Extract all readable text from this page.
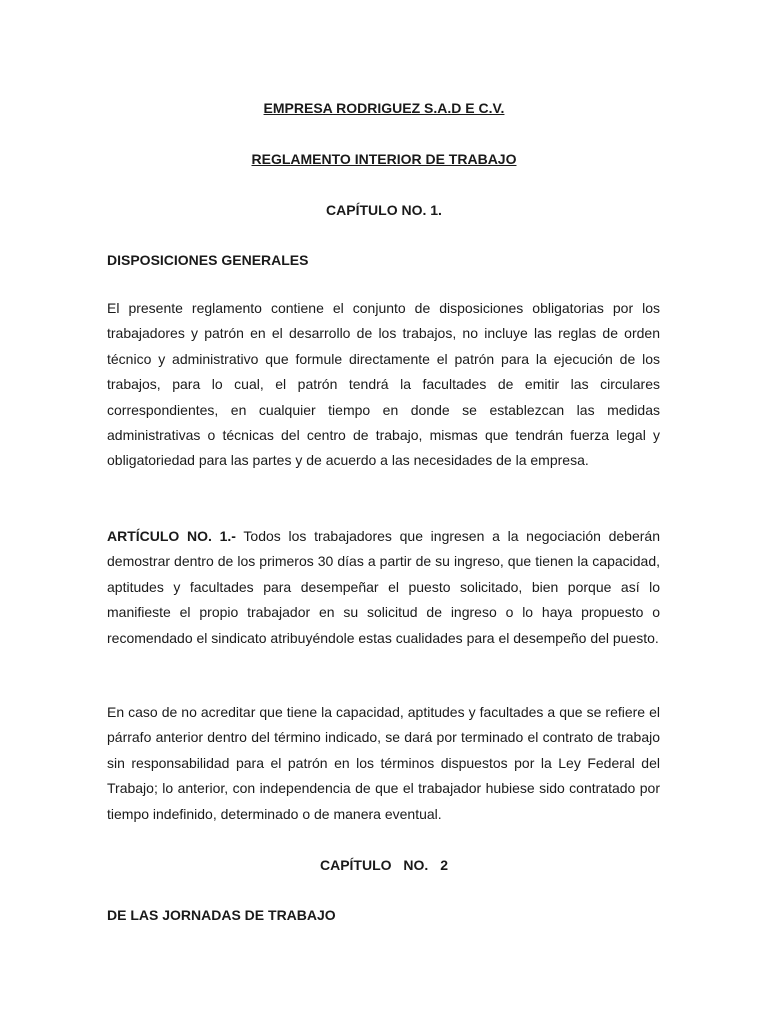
EMPRESA RODRIGUEZ S.A.D E C.V.
REGLAMENTO INTERIOR DE TRABAJO
CAPÍTULO NO. 1.
DISPOSICIONES GENERALES
El presente reglamento contiene el conjunto de disposiciones obligatorias por los trabajadores y patrón en el desarrollo de los trabajos, no incluye las reglas de orden técnico y administrativo que formule directamente el patrón para la ejecución de los trabajos, para lo cual, el patrón tendrá la facultades de emitir las circulares correspondientes, en cualquier tiempo en donde se establezcan las medidas administrativas o técnicas del centro de trabajo, mismas que tendrán fuerza legal y obligatoriedad para las partes y de acuerdo a las necesidades de la empresa.
ARTÍCULO NO. 1.- Todos los trabajadores que ingresen a la negociación deberán demostrar dentro de los primeros 30 días a partir de su ingreso, que tienen la capacidad, aptitudes y facultades para desempeñar el puesto solicitado, bien porque así lo manifieste el propio trabajador en su solicitud de ingreso o lo haya propuesto o recomendado el sindicato atribuyéndole estas cualidades para el desempeño del puesto.
En caso de no acreditar que tiene la capacidad, aptitudes y facultades a que se refiere el párrafo anterior dentro del término indicado, se dará por terminado el contrato de trabajo sin responsabilidad para el patrón en los términos dispuestos por la Ley Federal del Trabajo; lo anterior, con independencia de que el trabajador hubiese sido contratado por tiempo indefinido, determinado o de manera eventual.
CAPÍTULO NO. 2
DE LAS JORNADAS DE TRABAJO
